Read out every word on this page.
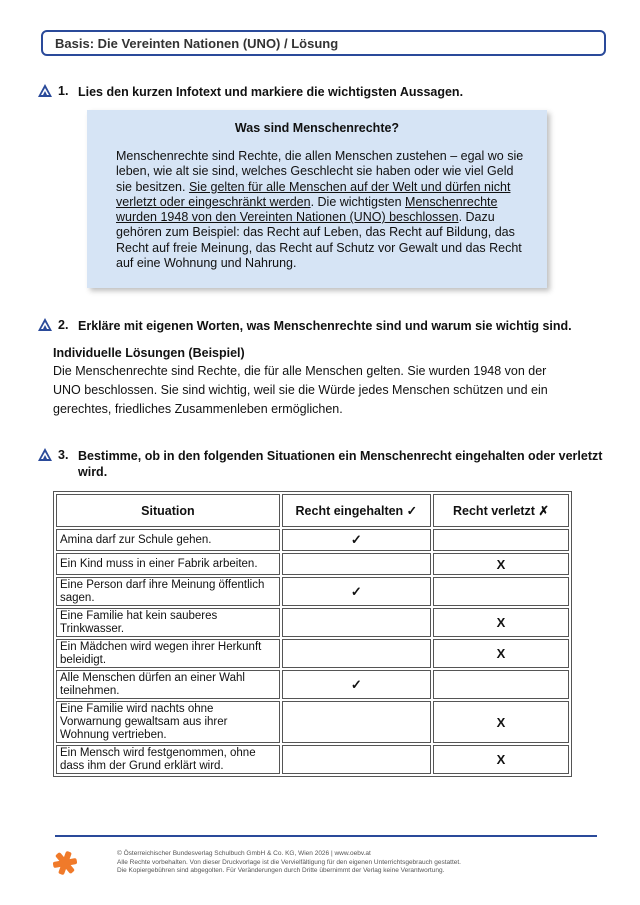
Basis: Die Vereinten Nationen (UNO) / Lösung
1. Lies den kurzen Infotext und markiere die wichtigsten Aussagen.
Was sind Menschenrechte?
Menschenrechte sind Rechte, die allen Menschen zustehen – egal wo sie leben, wie alt sie sind, welches Geschlecht sie haben oder wie viel Geld sie besitzen. Sie gelten für alle Menschen auf der Welt und dürfen nicht verletzt oder eingeschränkt werden. Die wichtigsten Menschenrechte wurden 1948 von den Vereinten Nationen (UNO) beschlossen. Dazu gehören zum Beispiel: das Recht auf Leben, das Recht auf Bildung, das Recht auf freie Meinung, das Recht auf Schutz vor Gewalt und das Recht auf eine Wohnung und Nahrung.
2. Erkläre mit eigenen Worten, was Menschenrechte sind und warum sie wichtig sind.
Individuelle Lösungen (Beispiel)
Die Menschenrechte sind Rechte, die für alle Menschen gelten. Sie wurden 1948 von der UNO beschlossen. Sie sind wichtig, weil sie die Würde jedes Menschen schützen und ein gerechtes, friedliches Zusammenleben ermöglichen.
3. Bestimme, ob in den folgenden Situationen ein Menschenrecht eingehalten oder verletzt wird.
Situation	Recht eingehalten ✓	Recht verletzt ✗
Amina darf zur Schule gehen.	✓	
Ein Kind muss in einer Fabrik arbeiten.		X
Eine Person darf ihre Meinung öffentlich sagen.	✓	
Eine Familie hat kein sauberes Trinkwasser.		X
Ein Mädchen wird wegen ihrer Herkunft beleidigt.		X
Alle Menschen dürfen an einer Wahl teilnehmen.	✓	
Eine Familie wird nachts ohne Vorwarnung gewaltsam aus ihrer Wohnung vertrieben.		X
Ein Mensch wird festgenommen, ohne dass ihm der Grund erklärt wird.		X
© Österreichischer Bundesverlag Schulbuch GmbH & Co. KG, Wien 2026 | www.oebv.at
Alle Rechte vorbehalten. Von dieser Druckvorlage ist die Vervielfältigung für den eigenen Unterrichtsgebrauch gestattet.
Die Kopiergebühren sind abgegolten. Für Veränderungen durch Dritte übernimmt der Verlag keine Verantwortung.
